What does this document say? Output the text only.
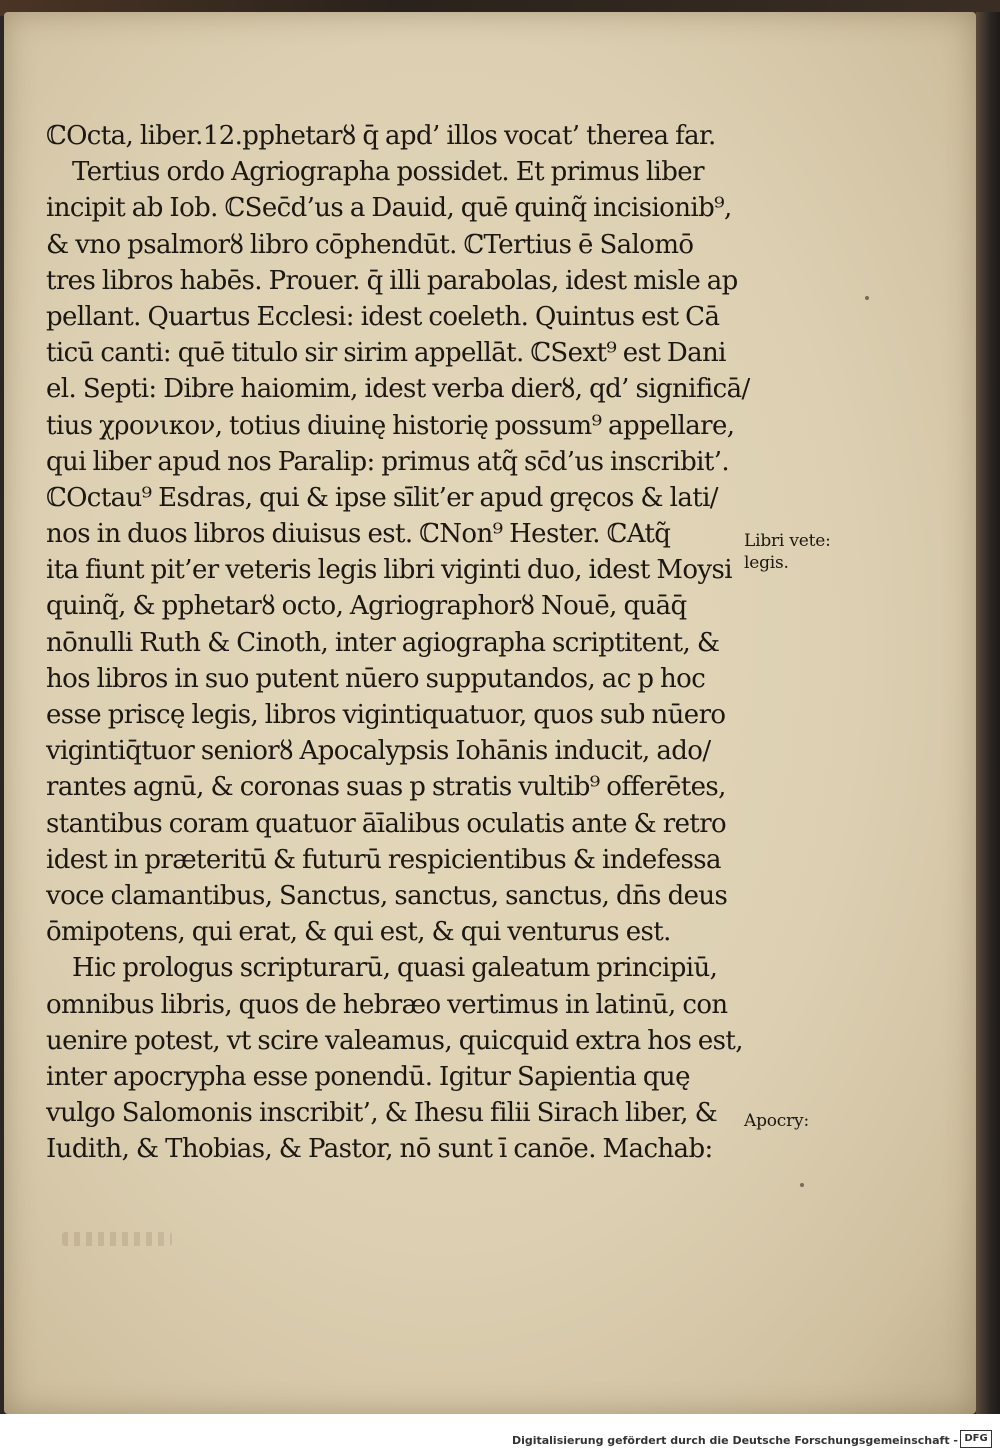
ℂOcta, liber.12.pphetarȣ q̄ apd’ illos vocat’ therea far.
Tertius ordo Agriographa possidet. Et primus liber
incipit ab Iob. ℂSec̄d’us a Dauid, quē quinq̃ incisionib⁹,
& vno psalmorȣ libro cōphendūt. ℂTertius ē Salomō
tres libros habēs. Prouer. q̄ illi parabolas, idest misle ap
pellant. Quartus Ecclesi: idest coeleth. Quintus est Cā
ticū canti: quē titulo sir sirim appellāt. ℂSext⁹ est Dani
el. Septi: Dibre haiomim, idest verba dierȣ, qd’ significā/
tius χρονικον, totius diuinę historię possum⁹ appellare,
qui liber apud nos Paralip: primus atq̃ sc̄d’us inscribit’.
ℂOctau⁹ Esdras, qui & ipse sīlit’er apud gręcos & lati/
nos in duos libros diuisus est. ℂNon⁹ Hester. ℂAtq̃
ita fiunt pit’er veteris legis libri viginti duo, idest Moysi
quinq̃, & pphetarȣ octo, Agriographorȣ Nouē, quāq̄
nōnulli Ruth & Cinoth, inter agiographa scriptitent, &
hos libros in suo putent nūero supputandos, ac p hoc
esse priscę legis, libros vigintiquatuor, quos sub nūero
vigintiq̄tuor seniorȣ Apocalypsis Iohānis inducit, ado/
rantes agnū, & coronas suas p stratis vultib⁹ offerētes,
stantibus coram quatuor āīalibus oculatis ante & retro
idest in præteritū & futurū respicientibus & indefessa
voce clamantibus, Sanctus, sanctus, sanctus, dn̄s deus
ōmipotens, qui erat, & qui est, & qui venturus est.
Hic prologus scripturarū, quasi galeatum principiū,
omnibus libris, quos de hebræo vertimus in latinū, con
uenire potest, vt scire valeamus, quicquid extra hos est,
inter apocrypha esse ponendū. Igitur Sapientia quę
vulgo Salomonis inscribit’, & Ihesu filii Sirach liber, &
Iudith, & Thobias, & Pastor, nō sunt ī canōe. Machab:
Libri vete:
legis.
Apocry:
Digitalisierung gefördert durch die Deutsche Forschungsgemeinschaft - DFG
